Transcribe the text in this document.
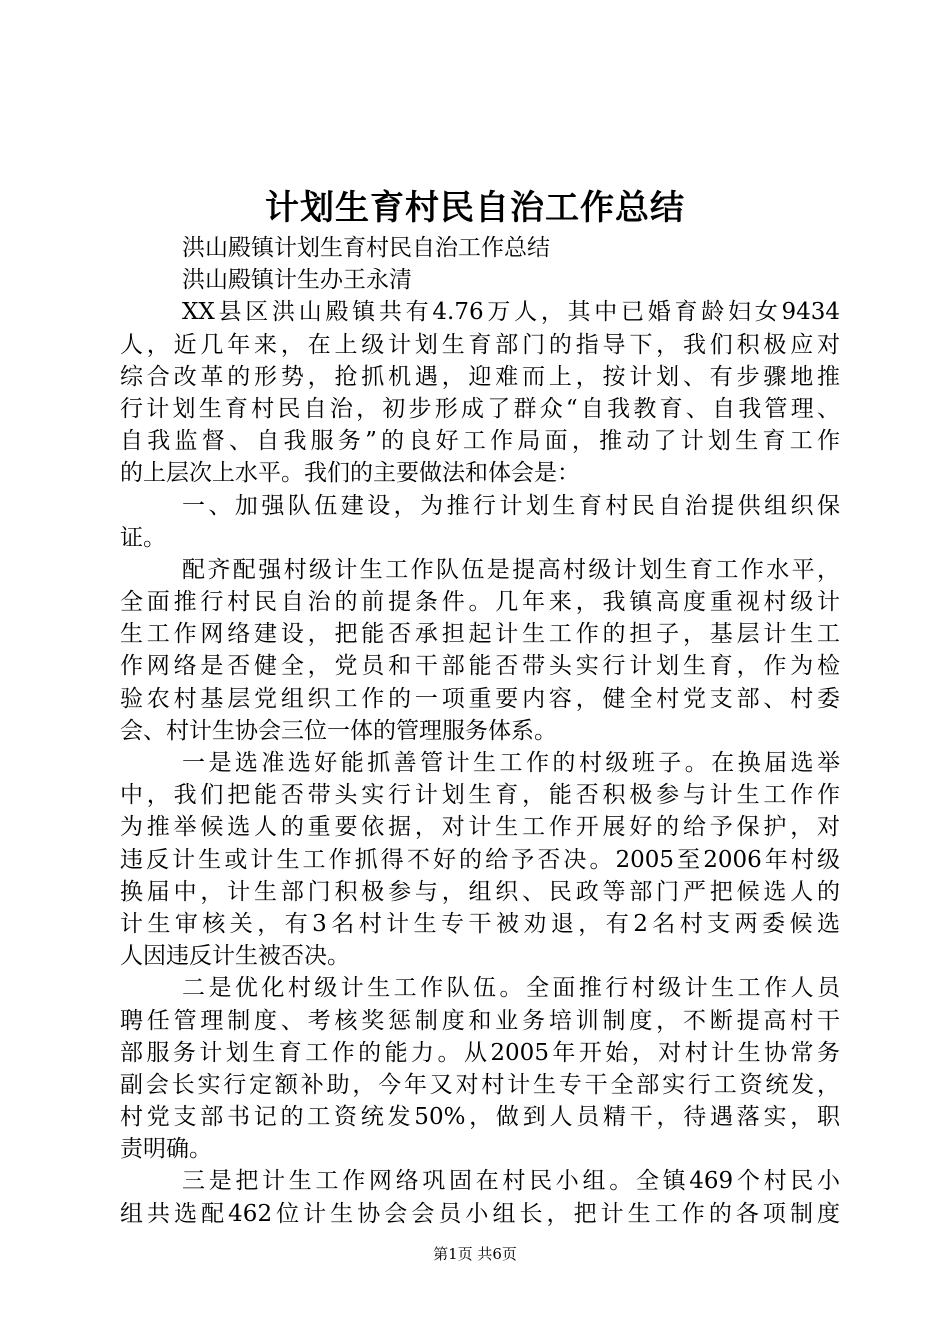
计划生育村民自治工作总结
洪山殿镇计划生育村民自治工作总结
洪山殿镇计生办王永清
XX县区洪山殿镇共有4.76万人，其中已婚育龄妇女9434
人，近几年来，在上级计划生育部门的指导下，我们积极应对
综合改革的形势，抢抓机遇，迎难而上，按计划、有步骤地推
行计划生育村民自治，初步形成了群众“自我教育、自我管理、
自我监督、自我服务”的良好工作局面，推动了计划生育工作
的上层次上水平。我们的主要做法和体会是：
一、加强队伍建设，为推行计划生育村民自治提供组织保
证。
配齐配强村级计生工作队伍是提高村级计划生育工作水平，
全面推行村民自治的前提条件。几年来，我镇高度重视村级计
生工作网络建设，把能否承担起计生工作的担子，基层计生工
作网络是否健全，党员和干部能否带头实行计划生育，作为检
验农村基层党组织工作的一项重要内容，健全村党支部、村委
会、村计生协会三位一体的管理服务体系。
一是选准选好能抓善管计生工作的村级班子。在换届选举
中，我们把能否带头实行计划生育，能否积极参与计生工作作
为推举候选人的重要依据，对计生工作开展好的给予保护，对
违反计生或计生工作抓得不好的给予否决。2005至2006年村级
换届中，计生部门积极参与，组织、民政等部门严把候选人的
计生审核关，有3名村计生专干被劝退，有2名村支两委候选
人因违反计生被否决。
二是优化村级计生工作队伍。全面推行村级计生工作人员
聘任管理制度、考核奖惩制度和业务培训制度，不断提高村干
部服务计划生育工作的能力。从2005年开始，对村计生协常务
副会长实行定额补助，今年又对村计生专干全部实行工资统发，
村党支部书记的工资统发50%，做到人员精干，待遇落实，职
责明确。
三是把计生工作网络巩固在村民小组。全镇469个村民小
组共选配462位计生协会会员小组长，把计生工作的各项制度
第1页 共6页
